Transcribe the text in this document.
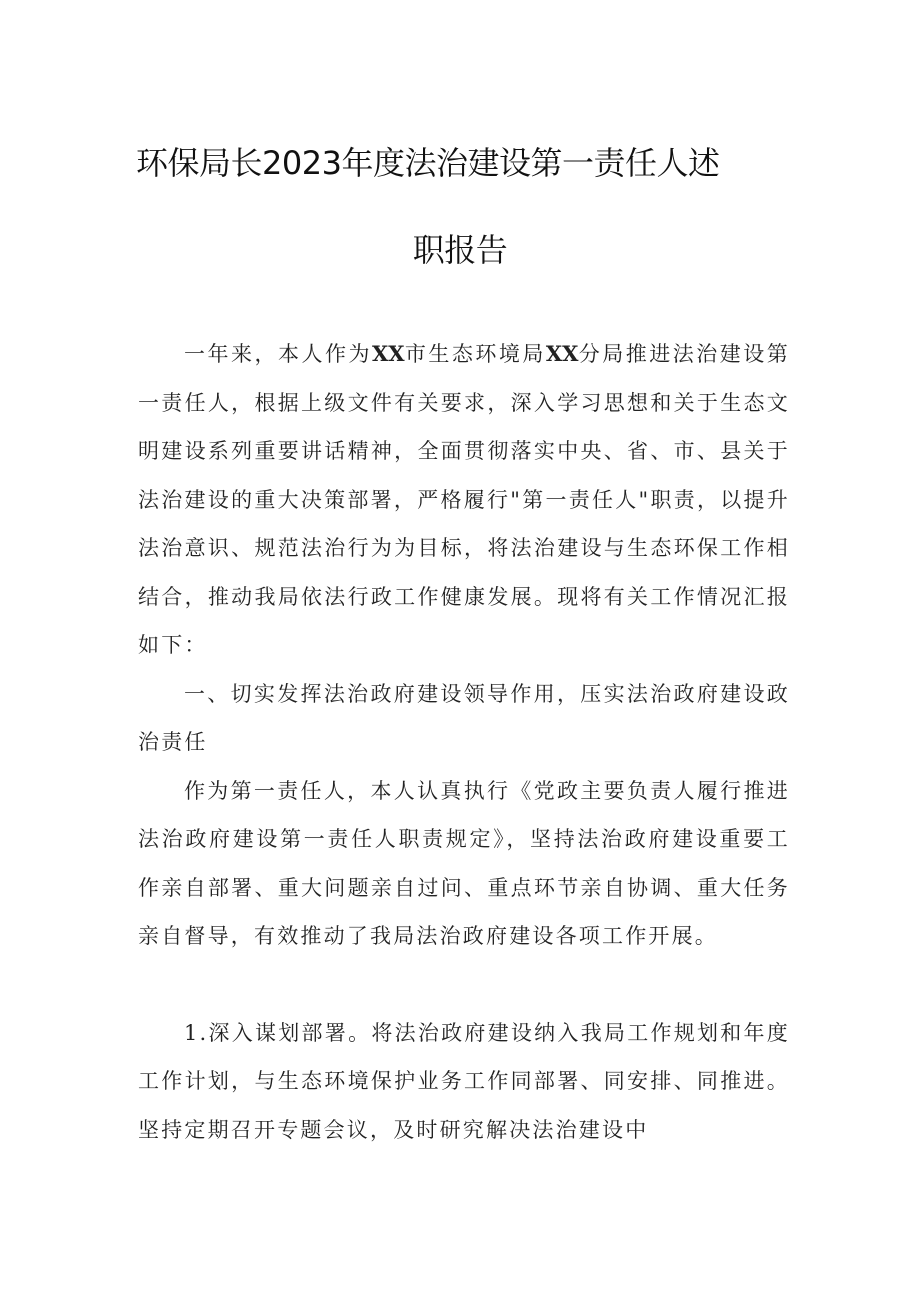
环保局长2023年度法治建设第一责任人述
职报告

一年来，本人作为XX市生态环境局XX分局推进法治建设第一责任人，根据上级文件有关要求，深入学习思想和关于生态文明建设系列重要讲话精神，全面贯彻落实中央、省、市、县关于法治建设的重大决策部署，严格履行"第一责任人"职责，以提升法治意识、规范法治行为为目标，将法治建设与生态环保工作相结合，推动我局依法行政工作健康发展。现将有关工作情况汇报如下：

一、切实发挥法治政府建设领导作用，压实法治政府建设政治责任

作为第一责任人，本人认真执行《党政主要负责人履行推进法治政府建设第一责任人职责规定》，坚持法治政府建设重要工作亲自部署、重大问题亲自过问、重点环节亲自协调、重大任务亲自督导，有效推动了我局法治政府建设各项工作开展。

1.深入谋划部署。将法治政府建设纳入我局工作规划和年度工作计划，与生态环境保护业务工作同部署、同安排、同推进。坚持定期召开专题会议，及时研究解决法治建设中
